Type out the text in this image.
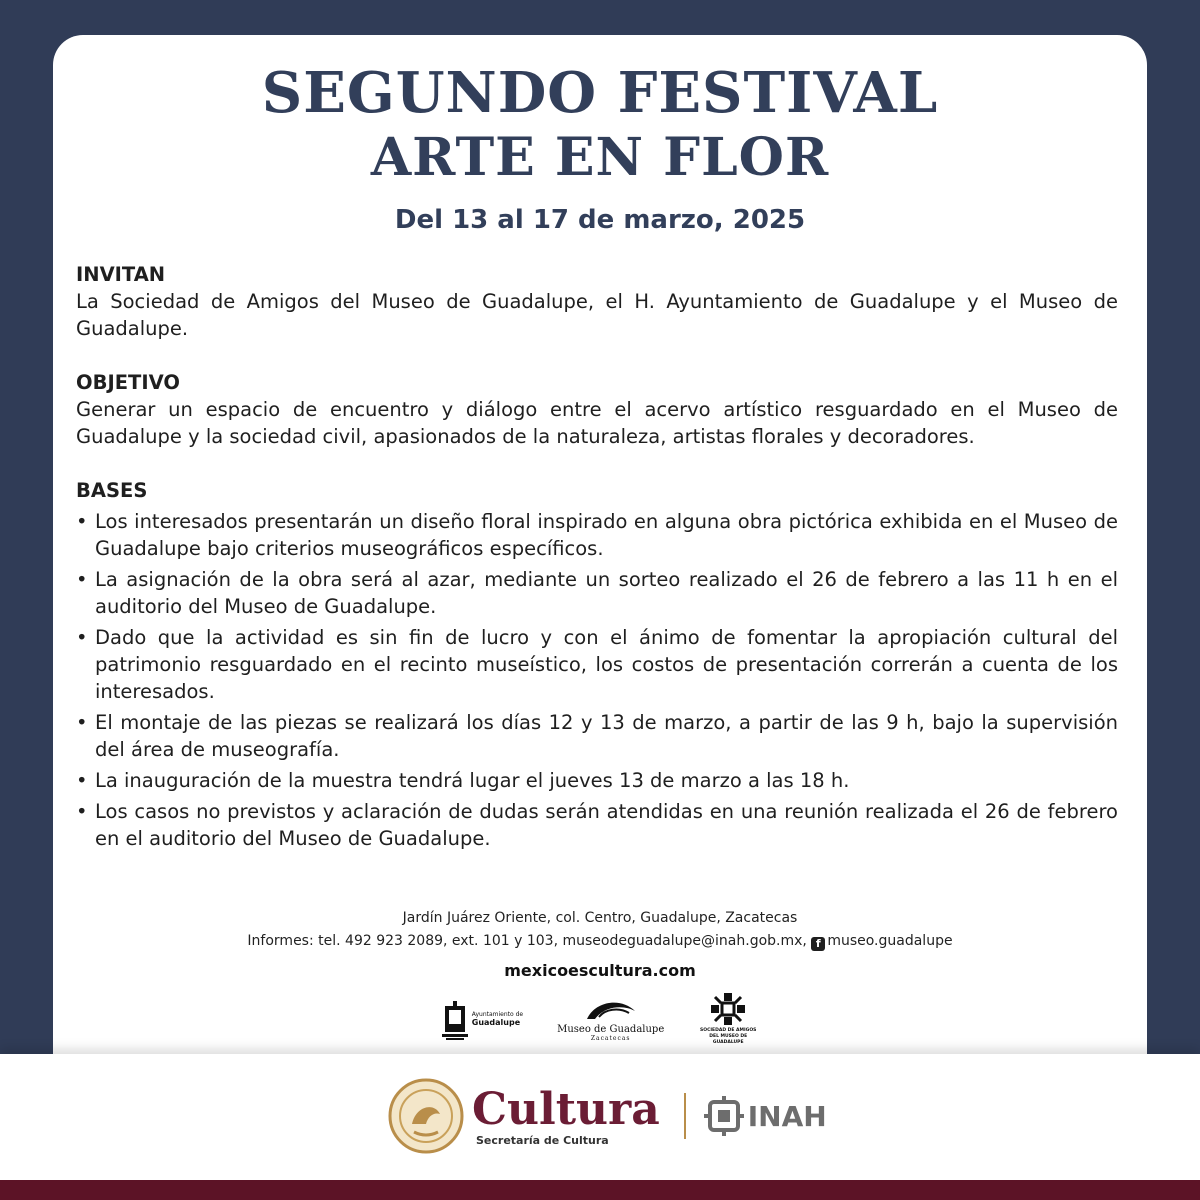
SEGUNDO FESTIVAL
ARTE EN FLOR
Del 13 al 17 de marzo, 2025
INVITAN
La Sociedad de Amigos del Museo de Guadalupe, el H. Ayuntamiento de Guadalupe y el Museo de Guadalupe.
OBJETIVO
Generar un espacio de encuentro y diálogo entre el acervo artístico resguardado en el Museo de Guadalupe y la sociedad civil, apasionados de la naturaleza, artistas florales y decoradores.
BASES
• Los interesados presentarán un diseño floral inspirado en alguna obra pictórica exhibida en el Museo de Guadalupe bajo criterios museográficos específicos.
• La asignación de la obra será al azar, mediante un sorteo realizado el 26 de febrero a las 11 h en el auditorio del Museo de Guadalupe.
• Dado que la actividad es sin fin de lucro y con el ánimo de fomentar la apropiación cultural del patrimonio resguardado en el recinto museístico, los costos de presentación correrán a cuenta de los interesados.
• El montaje de las piezas se realizará los días 12 y 13 de marzo, a partir de las 9 h, bajo la supervisión del área de museografía.
• La inauguración de la muestra tendrá lugar el jueves 13 de marzo a las 18 h.
• Los casos no previstos y aclaración de dudas serán atendidas en una reunión realizada el 26 de febrero en el auditorio del Museo de Guadalupe.
Jardín Juárez Oriente, col. Centro, Guadalupe, Zacatecas
Informes: tel. 492 923 2089, ext. 101 y 103, museodeguadalupe@inah.gob.mx, f museo.guadalupe
mexicoescultura.com
Ayuntamiento de
Guadalupe
Museo de Guadalupe
Zacatecas
SOCIEDAD DE AMIGOS DEL MUSEO DE GUADALUPE
Cultura
Secretaría de Cultura
INAH
